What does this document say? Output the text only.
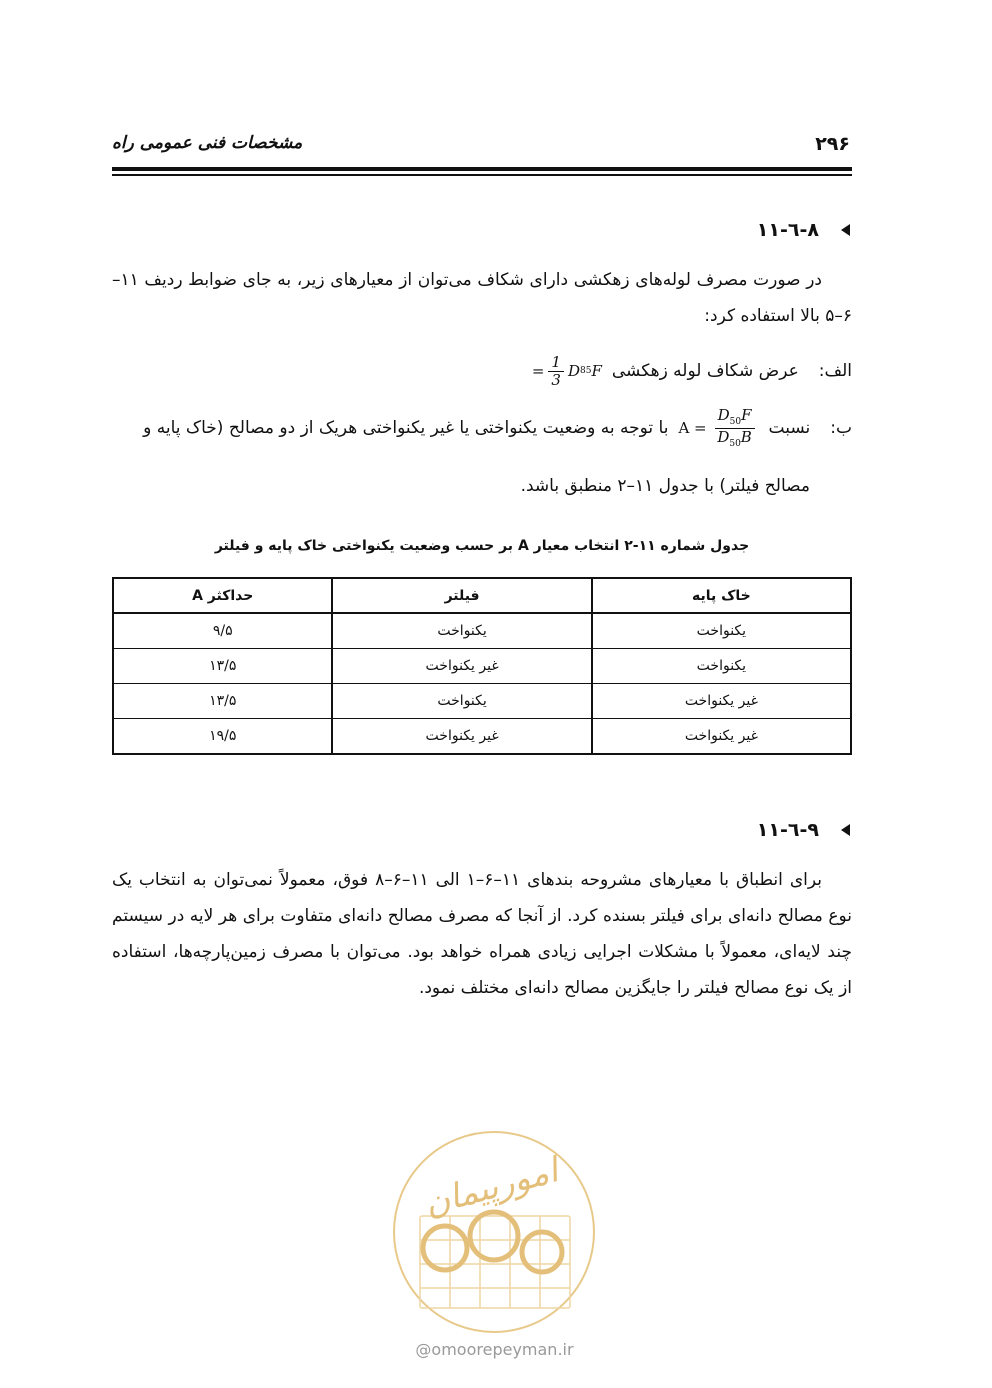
۲۹۶
مشخصات فنی عمومی راه
۸-٦-۱۱
در صورت مصرف لوله‌های زهکشی دارای شکاف می‌توان از معیارهای زیر، به جای ضوابط ردیف ۱۱–۶–۵ بالا استفاده کرد:
الف:
عرض شکاف لوله زهکشی
= $\frac{1}{3}$ D 85 F
ب:
نسبت
$A = \frac{D_{50}F}{D_{50}B}$
با توجه به وضعیت یکنواختی یا غیر یکنواختی هریک از دو مصالح (خاک پایه و
مصالح فیلتر) با جدول ۱۱–۲ منطبق باشد.
جدول شماره ۱۱-۲ انتخاب معیار A بر حسب وضعیت یکنواختی خاک پایه و فیلتر
خاک پایه	فیلتر	حداکثر A
یکنواخت	یکنواخت	۹/۵
یکنواخت	غیر یکنواخت	۱۳/۵
غیر یکنواخت	یکنواخت	۱۳/۵
غیر یکنواخت	غیر یکنواخت	۱۹/۵
۹-٦-۱۱
برای انطباق با معیارهای مشروحه بندهای ۱۱–۶–۱ الی ۱۱–۶–۸ فوق، معمولاً نمی‌توان به انتخاب یک نوع مصالح دانه‌ای برای فیلتر بسنده کرد. از آنجا که مصرف مصالح دانه‌ای متفاوت برای هر لایه در سیستم چند لایه‌ای، معمولاً با مشکلات اجرایی زیادی همراه خواهد بود. می‌توان با مصرف زمین‌پارچه‌ها، استفاده از یک نوع مصالح فیلتر را جایگزین مصالح دانه‌ای مختلف نمود.
امورپیمان
@omoorepeyman.ir
